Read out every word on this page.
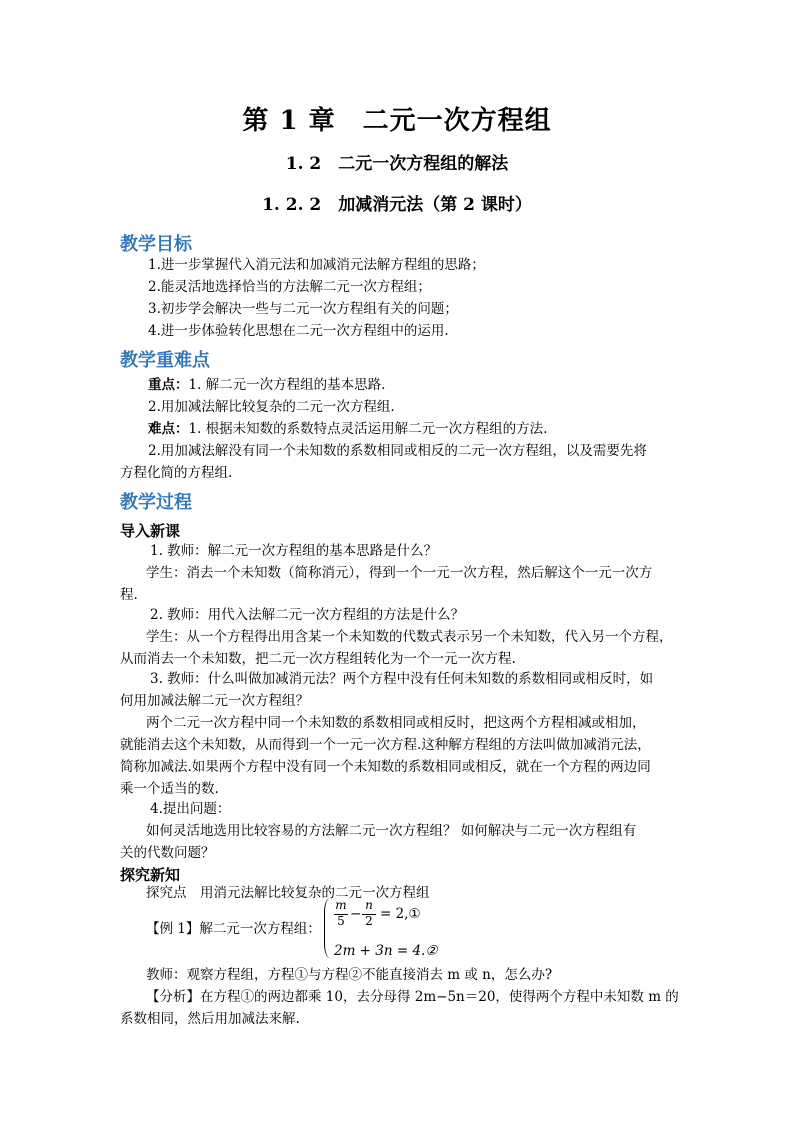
第 1 章　二元一次方程组
1. 2　二元一次方程组的解法
1. 2. 2　加减消元法（第 2 课时）
教学目标
1.进一步掌握代入消元法和加减消元法解方程组的思路；
2.能灵活地选择恰当的方法解二元一次方程组；
3.初步学会解决一些与二元一次方程组有关的问题；
4.进一步体验转化思想在二元一次方程组中的运用.
教学重难点
重点：1. 解二元一次方程组的基本思路.
2.用加减法解比较复杂的二元一次方程组.
难点：1. 根据未知数的系数特点灵活运用解二元一次方程组的方法.
2.用加减法解没有同一个未知数的系数相同或相反的二元一次方程组，以及需要先将
方程化简的方程组.
教学过程
导入新课
1. 教师：解二元一次方程组的基本思路是什么？
学生：消去一个未知数（简称消元），得到一个一元一次方程，然后解这个一元一次方
程.
2. 教师：用代入法解二元一次方程组的方法是什么？
学生：从一个方程得出用含某一个未知数的代数式表示另一个未知数，代入另一个方程，
从而消去一个未知数，把二元一次方程组转化为一个一元一次方程.
3. 教师：什么叫做加减消元法？两个方程中没有任何未知数的系数相同或相反时，如
何用加减法解二元一次方程组？
两个二元一次方程中同一个未知数的系数相同或相反时，把这两个方程相减或相加，
就能消去这个未知数，从而得到一个一元一次方程.这种解方程组的方法叫做加减消元法，
简称加减法.如果两个方程中没有同一个未知数的系数相同或相反，就在一个方程的两边同
乘一个适当的数.
4.提出问题：
如何灵活地选用比较容易的方法解二元一次方程组？ 如何解决与二元一次方程组有
关的代数问题？
探究新知
探究点　用消元法解比较复杂的二元一次方程组
【例 1】解二元一次方程组：
m
5 −
n
2 = 2,①
2m + 3n = 4.②
教师：观察方程组，方程①与方程②不能直接消去 m 或 n，怎么办?
【分析】在方程①的两边都乘 10，去分母得 2m−5n＝20，使得两个方程中未知数 m 的
系数相同，然后用加减法来解.
